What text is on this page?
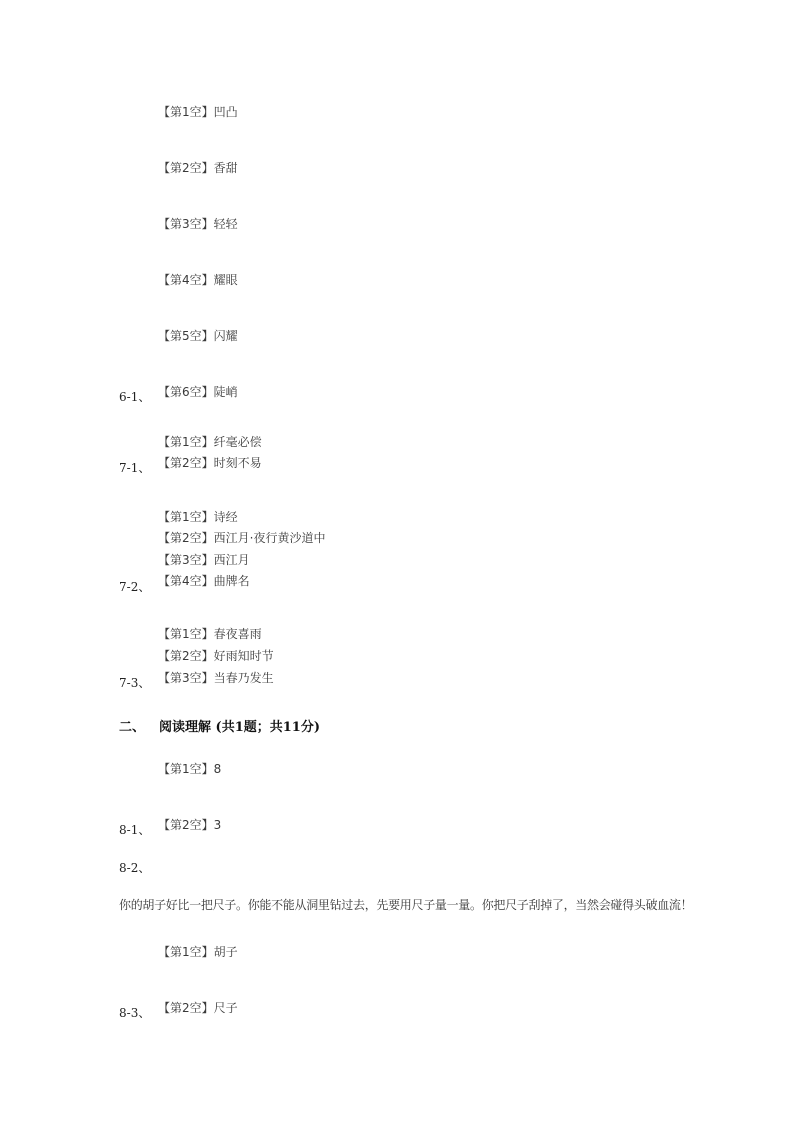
【第1空】凹凸
【第2空】香甜
【第3空】轻轻
【第4空】耀眼
【第5空】闪耀
【第6空】陡峭
6-1、
【第1空】纤毫必偿
【第2空】时刻不易
7-1、
【第1空】诗经
【第2空】西江月·夜行黄沙道中
【第3空】西江月
【第4空】曲牌名
7-2、
【第1空】春夜喜雨
【第2空】好雨知时节
【第3空】当春乃发生
7-3、
二、 阅读理解 (共1题；共11分)
【第1空】8
【第2空】3
8-1、
8-2、
你的胡子好比一把尺子。你能不能从洞里钻过去，先要用尺子量一量。你把尺子刮掉了，当然会碰得头破血流！
【第1空】胡子
【第2空】尺子
8-3、
